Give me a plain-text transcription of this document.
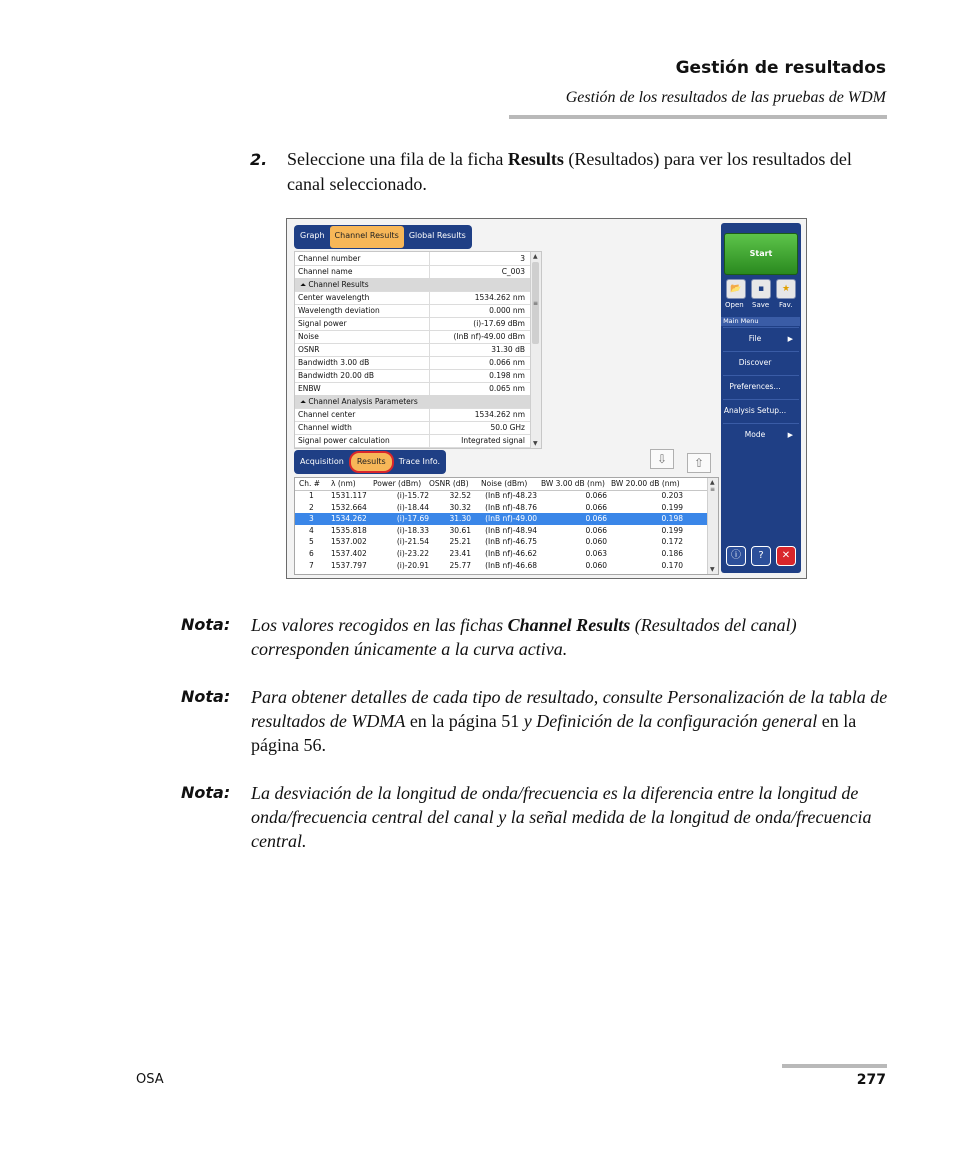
Gestión de resultados
Gestión de los resultados de las pruebas de WDM
2. Seleccione una fila de la ficha Results (Resultados) para ver los resultados del canal seleccionado.
Graph	Channel Results	Global Results
Channel number	3
Channel name	C_003
⏶ Channel Results
Center wavelength	1534.262 nm
Wavelength deviation	0.000 nm
Signal power	(i)-17.69 dBm
Noise	(InB nf)-49.00 dBm
OSNR	31.30 dB
Bandwidth 3.00 dB	0.066 nm
Bandwidth 20.00 dB	0.198 nm
ENBW	0.065 nm
⏶ Channel Analysis Parameters
Channel center	1534.262 nm
Channel width	50.0 GHz
Signal power calculation	Integrated signal
▲
≡
▼
Acquisition	Results	Trace Info.	⇩	⇧
Ch. # λ (nm) Power (dBm) OSNR (dB) Noise (dBm) BW 3.00 dB (nm) BW 20.00 dB (nm)
1 1531.117	(i)-15.72	32.52	(InB nf)-48.23	0.066	0.203
2 1532.664	(i)-18.44	30.32	(InB nf)-48.76	0.066	0.199
3 1534.262	(i)-17.69	31.30	(InB nf)-49.00	0.066	0.198
4 1535.818	(i)-18.33	30.61	(InB nf)-48.94	0.066	0.199
5 1537.002	(i)-21.54	25.21	(InB nf)-46.75	0.060	0.172
6 1537.402	(i)-23.22	23.41	(InB nf)-46.62	0.063	0.186
7 1537.797	(i)-20.91	25.77	(InB nf)-46.68	0.060	0.170
▲
≡
▼
Start
📂	▪	★
Open Save Fav.
Main Menu
File	▶
Discover
Preferences...
Analysis Setup...
Mode	▶
ⓘ	?	✕
Nota: Los valores recogidos en las fichas Channel Results (Resultados del canal) corresponden únicamente a la curva activa.
Nota: Para obtener detalles de cada tipo de resultado, consulte Personalización de la tabla de resultados de WDMA en la página 51 y Definición de la configuración general en la página 56.
Nota: La desviación de la longitud de onda/frecuencia es la diferencia entre la longitud de onda/frecuencia central del canal y la señal medida de la longitud de onda/frecuencia central.
OSA	277
